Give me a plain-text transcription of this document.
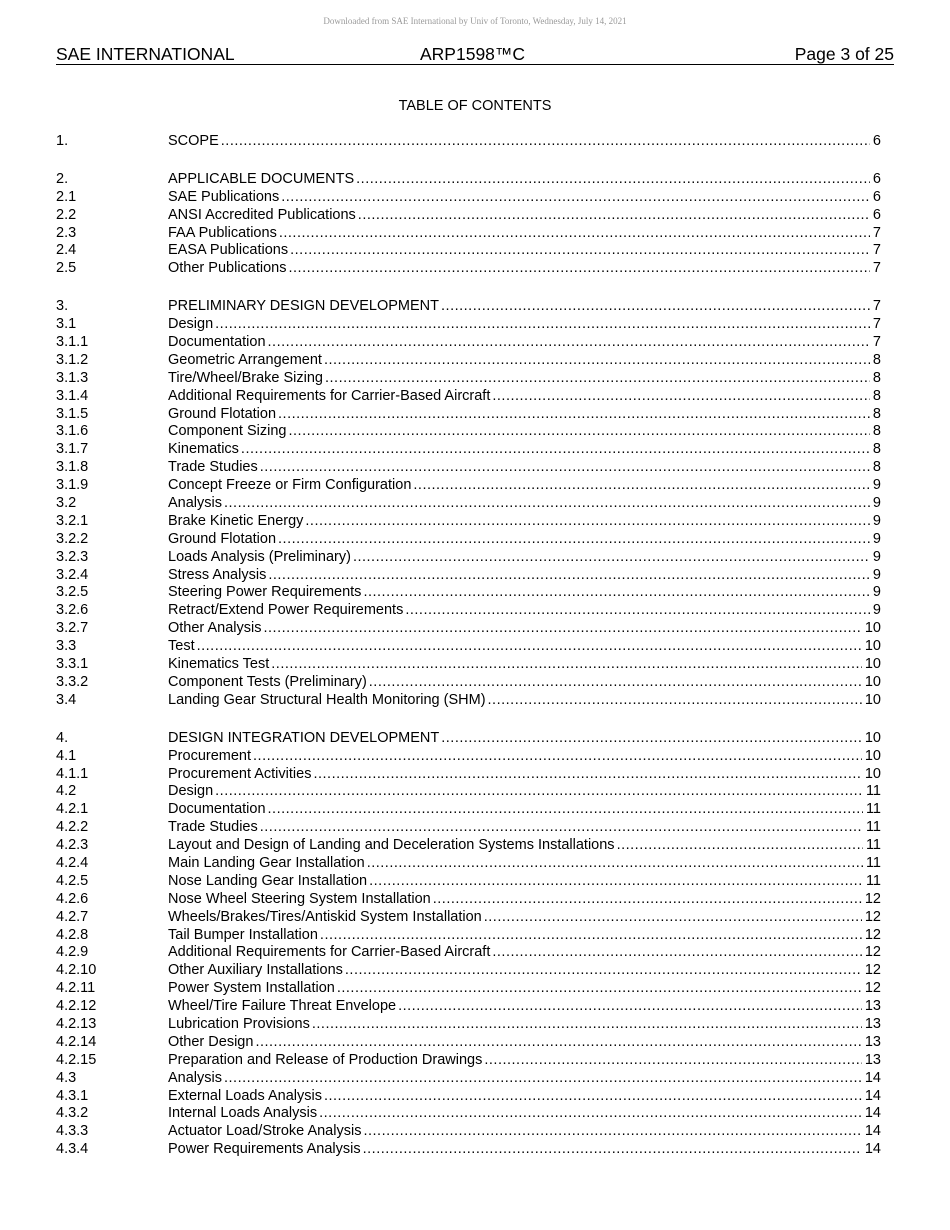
Downloaded from SAE International by Univ of Toronto, Wednesday, July 14, 2021
SAE INTERNATIONAL	ARP1598™C	Page 3 of 25
TABLE OF CONTENTS
1.	SCOPE .....	6
2.	APPLICABLE DOCUMENTS .....	6
2.1	SAE Publications .....	6
2.2	ANSI Accredited Publications .....	6
2.3	FAA Publications .....	7
2.4	EASA Publications .....	7
2.5	Other Publications .....	7
3.	PRELIMINARY DESIGN DEVELOPMENT .....	7
3.1	Design .....	7
3.1.1	Documentation .....	7
3.1.2	Geometric Arrangement .....	8
3.1.3	Tire/Wheel/Brake Sizing .....	8
3.1.4	Additional Requirements for Carrier-Based Aircraft .....	8
3.1.5	Ground Flotation .....	8
3.1.6	Component Sizing .....	8
3.1.7	Kinematics .....	8
3.1.8	Trade Studies .....	8
3.1.9	Concept Freeze or Firm Configuration .....	9
3.2	Analysis .....	9
3.2.1	Brake Kinetic Energy .....	9
3.2.2	Ground Flotation .....	9
3.2.3	Loads Analysis (Preliminary) .....	9
3.2.4	Stress Analysis .....	9
3.2.5	Steering Power Requirements .....	9
3.2.6	Retract/Extend Power Requirements .....	9
3.2.7	Other Analysis .....	10
3.3	Test .....	10
3.3.1	Kinematics Test .....	10
3.3.2	Component Tests (Preliminary) .....	10
3.4	Landing Gear Structural Health Monitoring (SHM) .....	10
4.	DESIGN INTEGRATION DEVELOPMENT .....	10
4.1	Procurement .....	10
4.1.1	Procurement Activities .....	10
4.2	Design .....	11
4.2.1	Documentation .....	11
4.2.2	Trade Studies .....	11
4.2.3	Layout and Design of Landing and Deceleration Systems Installations .....	11
4.2.4	Main Landing Gear Installation .....	11
4.2.5	Nose Landing Gear Installation .....	11
4.2.6	Nose Wheel Steering System Installation .....	12
4.2.7	Wheels/Brakes/Tires/Antiskid System Installation .....	12
4.2.8	Tail Bumper Installation .....	12
4.2.9	Additional Requirements for Carrier-Based Aircraft .....	12
4.2.10	Other Auxiliary Installations .....	12
4.2.11	Power System Installation .....	12
4.2.12	Wheel/Tire Failure Threat Envelope .....	13
4.2.13	Lubrication Provisions .....	13
4.2.14	Other Design .....	13
4.2.15	Preparation and Release of Production Drawings .....	13
4.3	Analysis .....	14
4.3.1	External Loads Analysis .....	14
4.3.2	Internal Loads Analysis .....	14
4.3.3	Actuator Load/Stroke Analysis .....	14
4.3.4	Power Requirements Analysis .....	14
